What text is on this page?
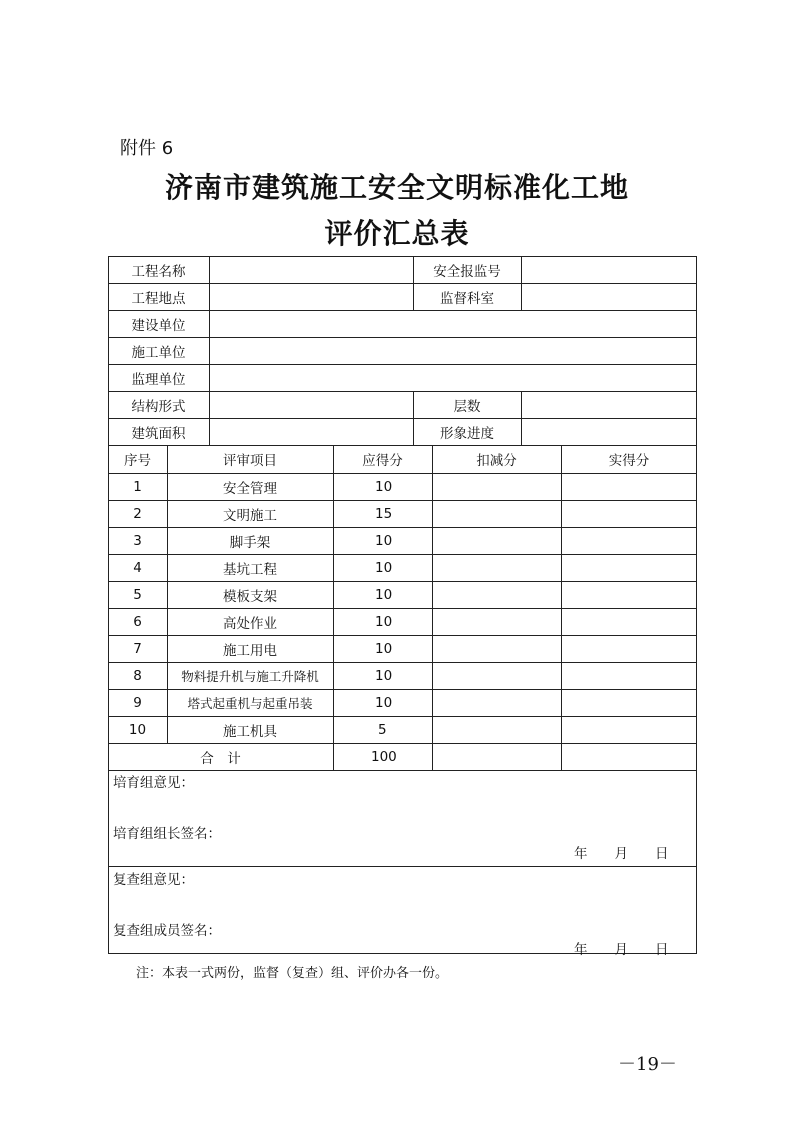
附件 6
济南市建筑施工安全文明标准化工地
评价汇总表
工程名称	安全报监号
工程地点	监督科室
建设单位
施工单位
监理单位
结构形式	层数
建筑面积	形象进度
序号	评审项目	应得分	扣减分	实得分
1	安全管理	10
2	文明施工	15
3	脚手架	10
4	基坑工程	10
5	模板支架	10
6	高处作业	10
7	施工用电	10
8	物料提升机与施工升降机	10
9	塔式起重机与起重吊装	10
10	施工机具	5
合　计	100
培育组意见：
培育组组长签名：
年　　月　　日
复查组意见：
复查组成员签名：
年　　月　　日
注：本表一式两份，监督（复查）组、评价办各一份。
－19－
